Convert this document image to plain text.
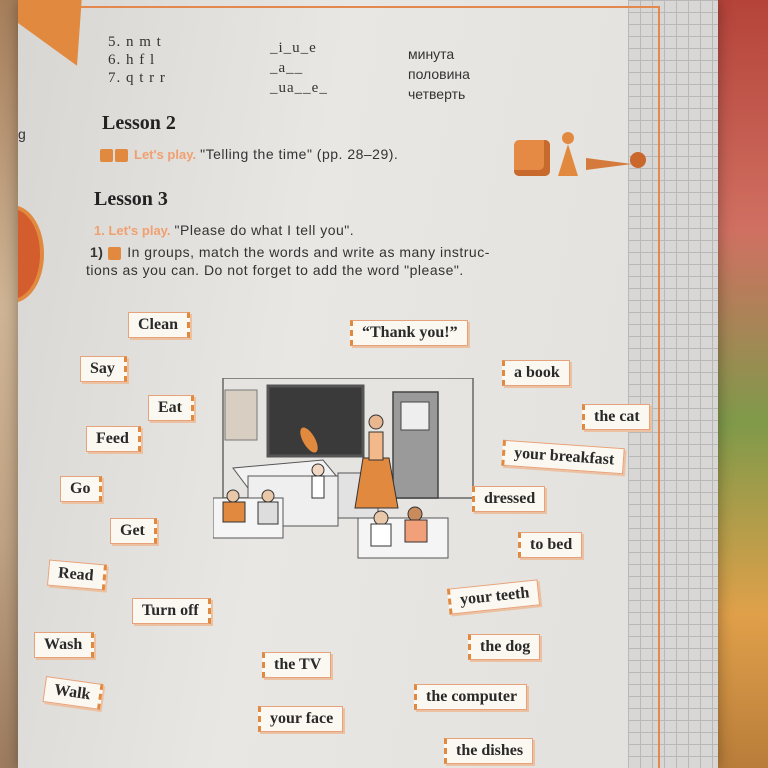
g
5. n m t
6. h f l
7. q t r r
_i_u_e
_a__
_ua__e_
минута
половина
четверть
Lesson 2
Let's play. "Telling the time" (pp. 28–29).
Lesson 3
1. Let's play. "Please do what I tell you".
1) In groups, match the words and write as many instruc-
tions as you can. Do not forget to add the word "please".
Clean
Say
Eat
Feed
Go
Get
Read
Turn off
Wash
Walk
the TV
your face
“Thank you!”
a book
the cat
your breakfast
dressed
to bed
your teeth
the dog
the computer
the dishes
